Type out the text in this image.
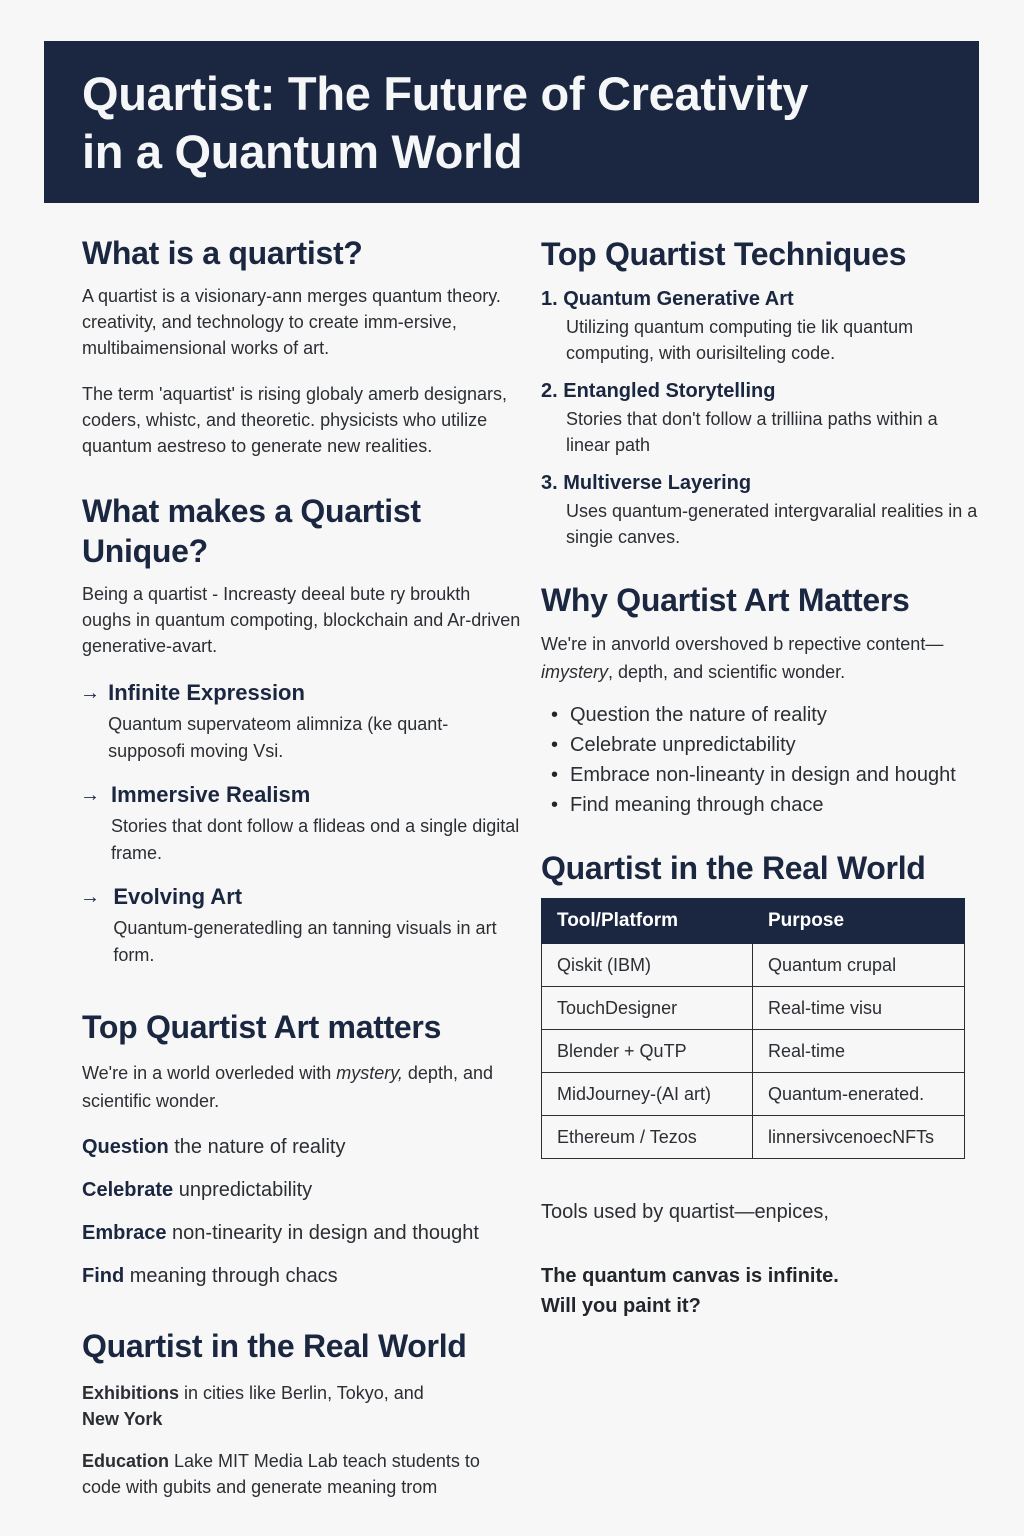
Quartist: The Future of Creativity
in a Quantum World
What is a quartist?

A quartist is a visionary-ann merges quantum theory. creativity, and technology to create imm-ersive, multibaimensional works of art.

The term 'aquartist' is rising globaly amerb designars, coders, whistc, and theoretic. physicists who utilize quantum aestreso to generate new realities.

What makes a Quartist
Unique?

Being a quartist - Increasty deeal bute ry broukth oughs in quantum compoting, blockchain and Ar-driven generative-avart.

→ Infinite Expression
Quantum supervateom alimniza (ke quant-supposofi moving Vsi.
→ Immersive Realism
Stories that dont follow a flideas ond a single digital frame.
→ Evolving Art
Quantum-generatedling an tanning visuals in art form.
Top Quartist Art matters

We're in a world overleded with mystery, depth, and scientific wonder.

Question the nature of reality
Celebrate unpredictability
Embrace non-tinearity in design and thought
Find meaning through chacs
Quartist in the Real World

Exhibitions in cities like Berlin, Tokyo, and
New York

Education Lake MIT Media Lab teach students to code with gubits and generate meaning trom

Top Quartist Techniques
1. Quantum Generative Art
Utilizing quantum computing tie lik quantum computing, with ourisilteling code.
2. Entangled Storytelling
Stories that don't follow a trilliina paths within a linear path
3. Multiverse Layering
Uses quantum-generated intergvaralial realities in a singie canves.
Why Quartist Art Matters

We're in anvorld overshoved b repective content—imystery, depth, and scientific wonder.

• Question the nature of reality
• Celebrate unpredictability
• Embrace non-lineanty in design and hought
• Find meaning through chace
Quartist in the Real World
Tool/Platform	Purpose
Qiskit (IBM)	Quantum crupal
TouchDesigner	Real-time visu
Blender + QuTP	Real-time
MidJourney-(AI art)	Quantum-enerated.
Ethereum / Tezos	linnersivcenoecNFTs

Tools used by quartist—enpices,

The quantum canvas is infinite.
Will you paint it?
